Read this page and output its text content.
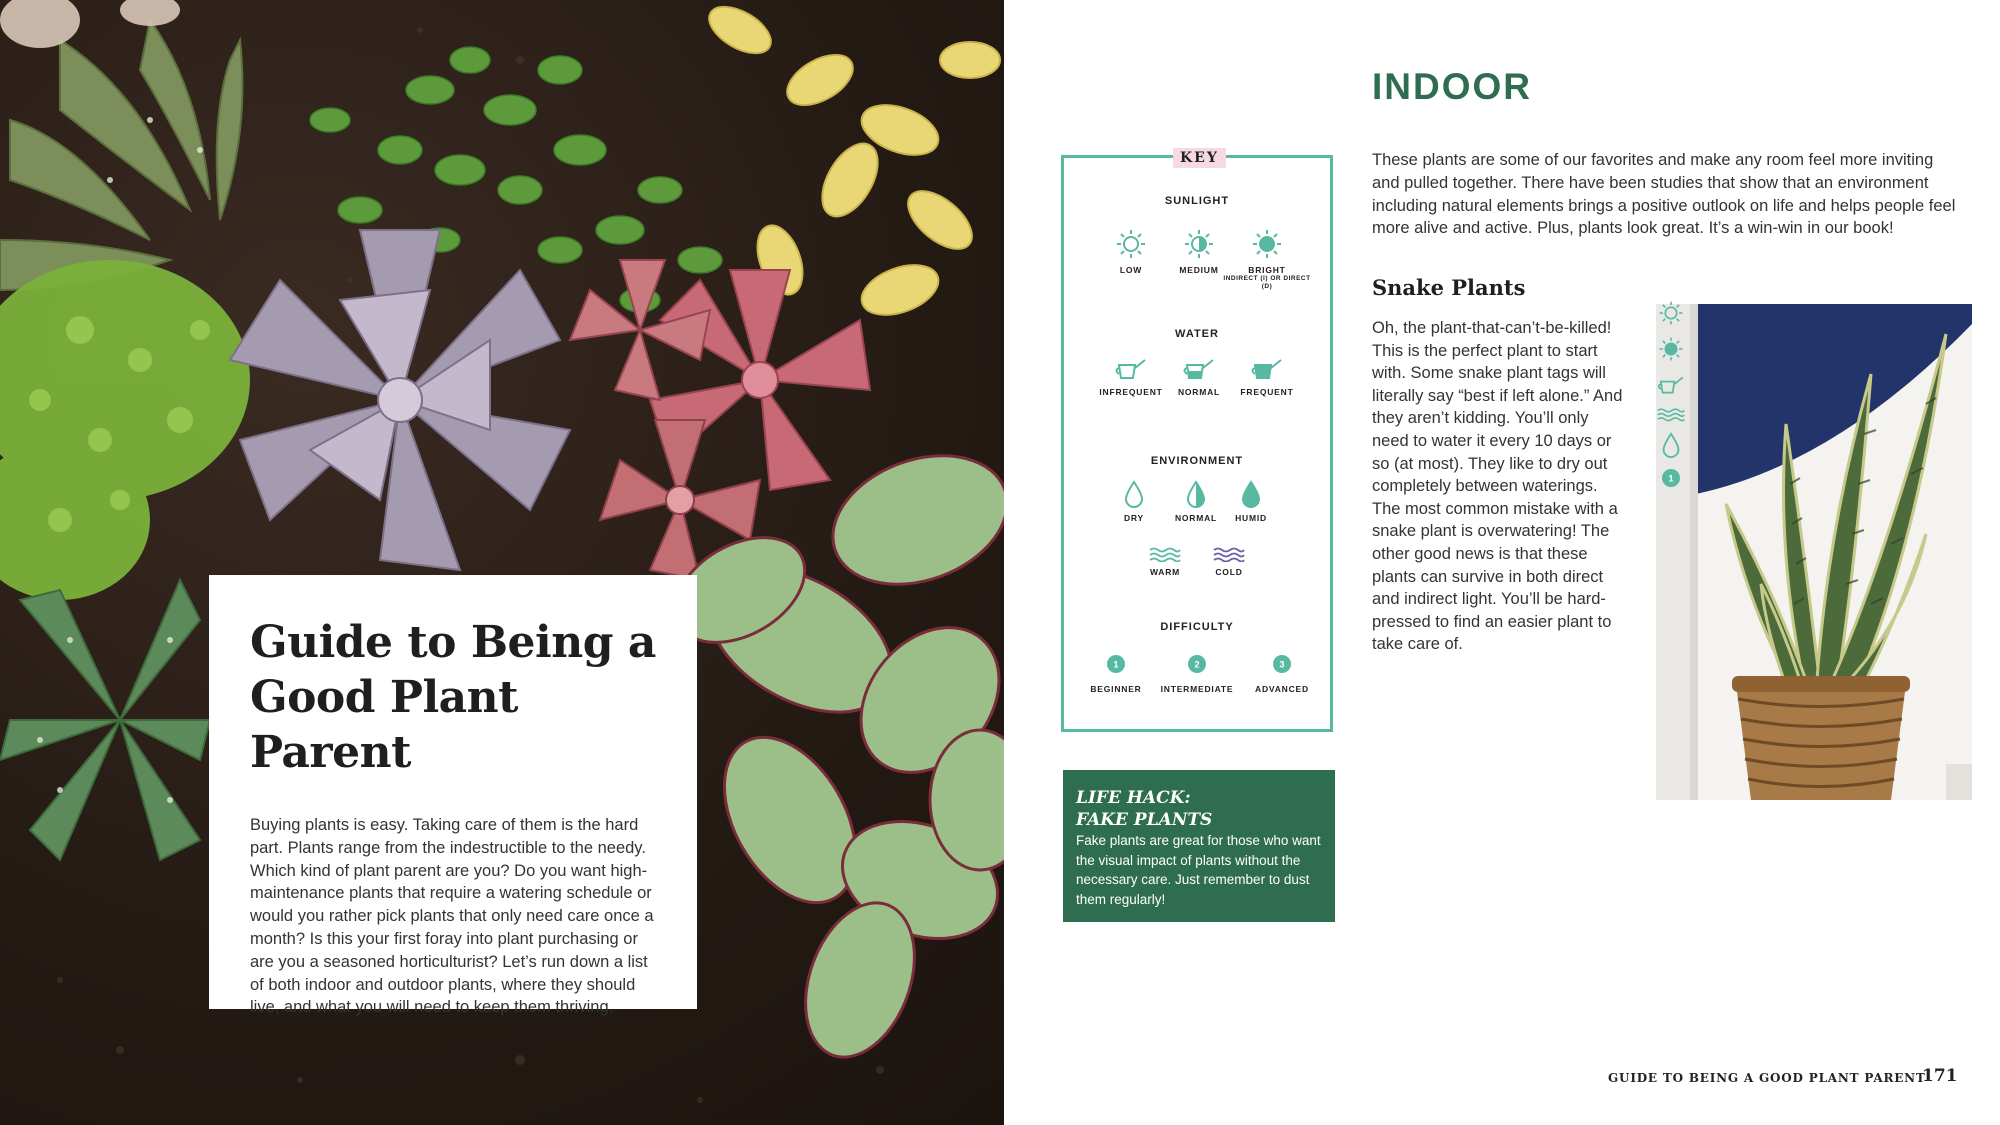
Guide to Being a
Good Plant Parent

Buying plants is easy. Taking care of them is the hard part. Plants range from the indestructible to the needy. Which kind of plant parent are you? Do you want high-maintenance plants that require a watering schedule or would you rather pick plants that only need care once a month? Is this your first foray into plant purchasing or are you a seasoned horticulturist? Let’s run down a list of both indoor and outdoor plants, where they should live, and what you will need to keep them thriving.

KEY
SUNLIGHT
LOW	MEDIUM	BRIGHT
INDIRECT (I) OR DIRECT (D)
WATER
INFREQUENT	NORMAL	FREQUENT
ENVIRONMENT
DRY	NORMAL	HUMID
WARM	COLD
DIFFICULTY
1
BEGINNER
2
INTERMEDIATE
3
ADVANCED
LIFE HACK:
FAKE PLANTS

Fake plants are great for those who want the visual impact of plants without the necessary care. Just remember to dust them regularly!

INDOOR

These plants are some of our favorites and make any room feel more inviting and pulled together. There have been studies that show that an environment including natural elements brings a positive outlook on life and helps people feel more alive and active. Plus, plants look great. It’s a win-win in our book!

Snake Plants

Oh, the plant-that-can’t-be-killed! This is the perfect plant to start with. Some snake plant tags will literally say “best if left alone.” And they aren’t kidding. You’ll only need to water it every 10 days or so (at most). They like to dry out completely between waterings. The most common mistake with a snake plant is overwatering! The other good news is that these plants can survive in both direct and indirect light. You’ll be hard-pressed to find an easier plant to take care of.

1
GUIDE TO BEING A GOOD PLANT PARENT
171
